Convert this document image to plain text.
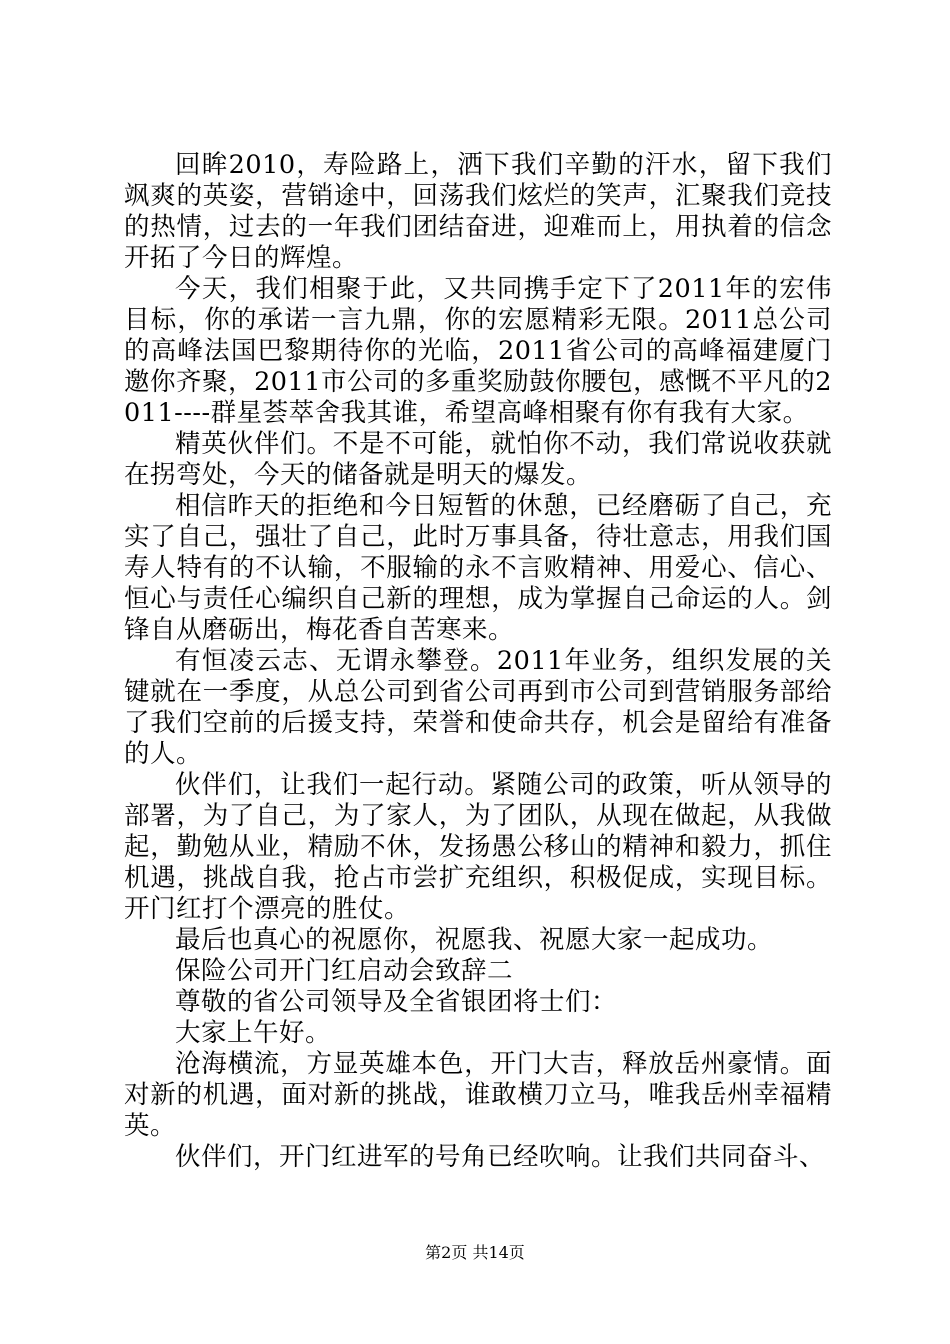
回眸2010，寿险路上，洒下我们辛勤的汗水，留下我们飒爽的英姿，营销途中，回荡我们炫烂的笑声，汇聚我们竞技的热情，过去的一年我们团结奋进，迎难而上，用执着的信念开拓了今日的辉煌。

今天，我们相聚于此，又共同携手定下了2011年的宏伟目标，你的承诺一言九鼎，你的宏愿精彩无限。2011总公司的高峰法国巴黎期待你的光临，2011省公司的高峰福建厦门邀你齐聚，2011市公司的多重奖励鼓你腰包，感慨不平凡的2011----群星荟萃舍我其谁，希望高峰相聚有你有我有大家。

精英伙伴们。不是不可能，就怕你不动，我们常说收获就在拐弯处，今天的储备就是明天的爆发。

相信昨天的拒绝和今日短暂的休憩，已经磨砺了自己，充实了自己，强壮了自己，此时万事具备，待壮意志，用我们国寿人特有的不认输，不服输的永不言败精神、用爱心、信心、恒心与责任心编织自己新的理想，成为掌握自己命运的人。剑锋自从磨砺出，梅花香自苦寒来。

有恒凌云志、无谓永攀登。2011年业务，组织发展的关键就在一季度，从总公司到省公司再到市公司到营销服务部给了我们空前的后援支持，荣誉和使命共存，机会是留给有准备的人。

伙伴们，让我们一起行动。紧随公司的政策，听从领导的部署，为了自己，为了家人，为了团队，从现在做起，从我做起，勤勉从业，精励不休，发扬愚公移山的精神和毅力，抓住机遇，挑战自我，抢占市尝扩充组织，积极促成，实现目标。开门红打个漂亮的胜仗。

最后也真心的祝愿你，祝愿我、祝愿大家一起成功。

保险公司开门红启动会致辞二

尊敬的省公司领导及全省银团将士们：

大家上午好。

沧海横流，方显英雄本色，开门大吉，释放岳州豪情。面对新的机遇，面对新的挑战，谁敢横刀立马，唯我岳州幸福精英。

伙伴们，开门红进军的号角已经吹响。让我们共同奋斗、

第2页 共14页
